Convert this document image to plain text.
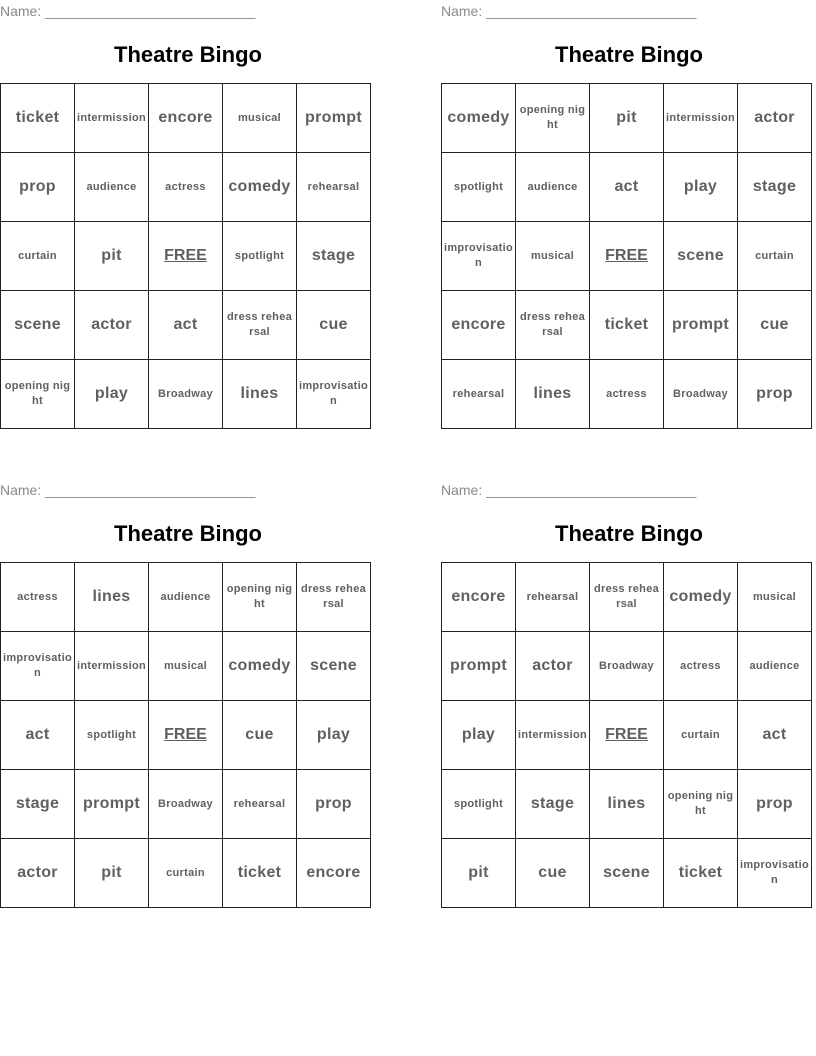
Name: ___________________________
Theatre Bingo
ticket	intermission	encore	musical	prompt
prop	audience	actress	comedy	rehearsal
curtain	pit	FREE	spotlight	stage
scene	actor	act	dress rehearsal	cue
opening night	play	Broadway	lines	improvisation
Name: ___________________________
Theatre Bingo
comedy	opening night	pit	intermission	actor
spotlight	audience	act	play	stage
improvisation	musical	FREE	scene	curtain
encore	dress rehearsal	ticket	prompt	cue
rehearsal	lines	actress	Broadway	prop
Name: ___________________________
Theatre Bingo
actress	lines	audience	opening night	dress rehearsal
improvisation	intermission	musical	comedy	scene
act	spotlight	FREE	cue	play
stage	prompt	Broadway	rehearsal	prop
actor	pit	curtain	ticket	encore
Name: ___________________________
Theatre Bingo
encore	rehearsal	dress rehearsal	comedy	musical
prompt	actor	Broadway	actress	audience
play	intermission	FREE	curtain	act
spotlight	stage	lines	opening night	prop
pit	cue	scene	ticket	improvisation
